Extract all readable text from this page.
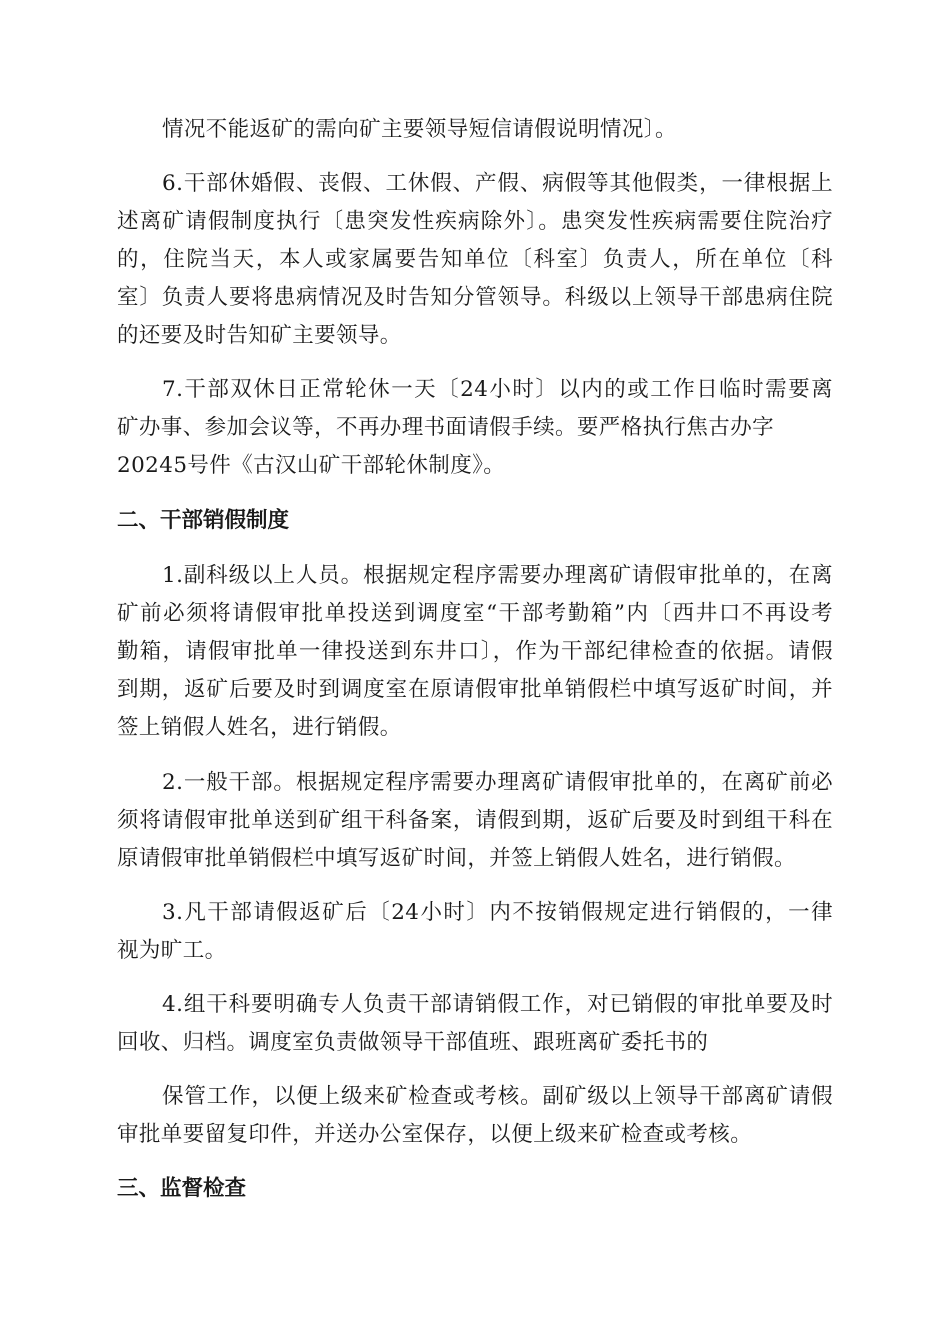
情况不能返矿的需向矿主要领导短信请假说明情况〕。
6.干部休婚假、丧假、工休假、产假、病假等其他假类，一律根据上
述离矿请假制度执行〔患突发性疾病除外〕。患突发性疾病需要住院治疗
的，住院当天，本人或家属要告知单位〔科室〕负责人，所在单位〔科
室〕负责人要将患病情况及时告知分管领导。科级以上领导干部患病住院
的还要及时告知矿主要领导。
7.干部双休日正常轮休一天〔24小时〕以内的或工作日临时需要离
矿办事、参加会议等，不再办理书面请假手续。要严格执行焦古办字
20245号件《古汉山矿干部轮休制度》。
二、干部销假制度
1.副科级以上人员。根据规定程序需要办理离矿请假审批单的，在离
矿前必须将请假审批单投送到调度室“干部考勤箱”内〔西井口不再设考
勤箱，请假审批单一律投送到东井口〕，作为干部纪律检查的依据。请假
到期，返矿后要及时到调度室在原请假审批单销假栏中填写返矿时间，并
签上销假人姓名，进行销假。
2.一般干部。根据规定程序需要办理离矿请假审批单的，在离矿前必
须将请假审批单送到矿组干科备案，请假到期，返矿后要及时到组干科在
原请假审批单销假栏中填写返矿时间，并签上销假人姓名，进行销假。
3.凡干部请假返矿后〔24小时〕内不按销假规定进行销假的，一律
视为旷工。
4.组干科要明确专人负责干部请销假工作，对已销假的审批单要及时
回收、归档。调度室负责做领导干部值班、跟班离矿委托书的
保管工作，以便上级来矿检查或考核。副矿级以上领导干部离矿请假
审批单要留复印件，并送办公室保存，以便上级来矿检查或考核。
三、监督检查
